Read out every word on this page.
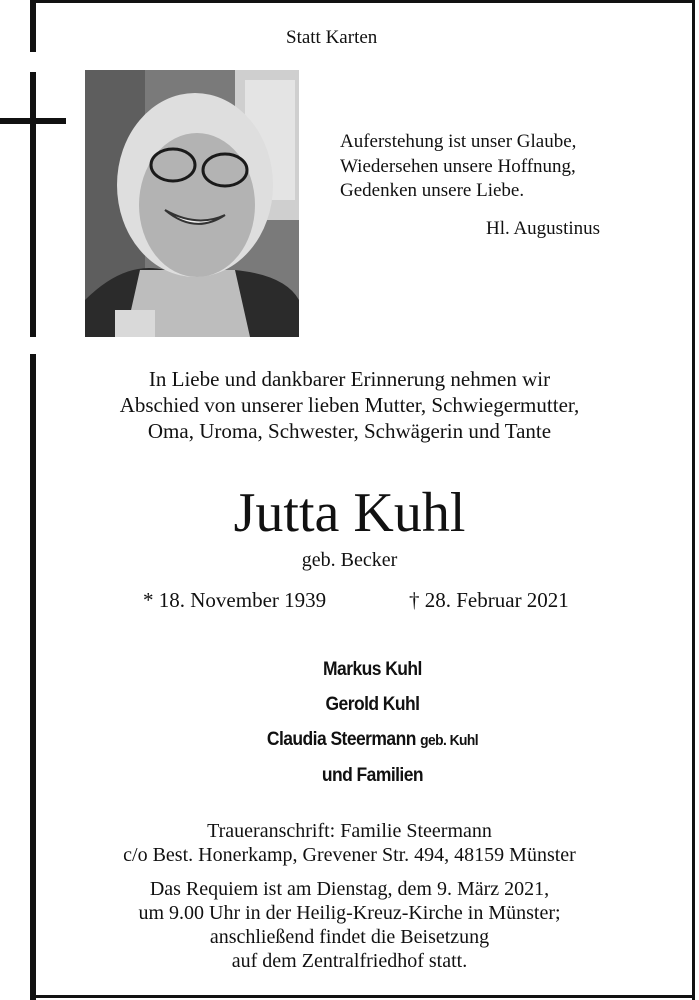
Statt Karten
Auferstehung ist unser Glaube,
Wiedersehen unsere Hoffnung,
Gedenken unsere Liebe.
Hl. Augustinus
In Liebe und dankbarer Erinnerung nehmen wir
Abschied von unserer lieben Mutter, Schwiegermutter,
Oma, Uroma, Schwester, Schwägerin und Tante
Jutta Kuhl
geb. Becker
* 18. November 1939	† 28. Februar 2021
Markus Kuhl
Gerold Kuhl
Claudia Steermann geb. Kuhl
und Familien
Traueranschrift: Familie Steermann
c/o Best. Honerkamp, Grevener Str. 494, 48159 Münster
Das Requiem ist am Dienstag, dem 9. März 2021,
um 9.00 Uhr in der Heilig-Kreuz-Kirche in Münster;
anschließend findet die Beisetzung
auf dem Zentralfriedhof statt.
